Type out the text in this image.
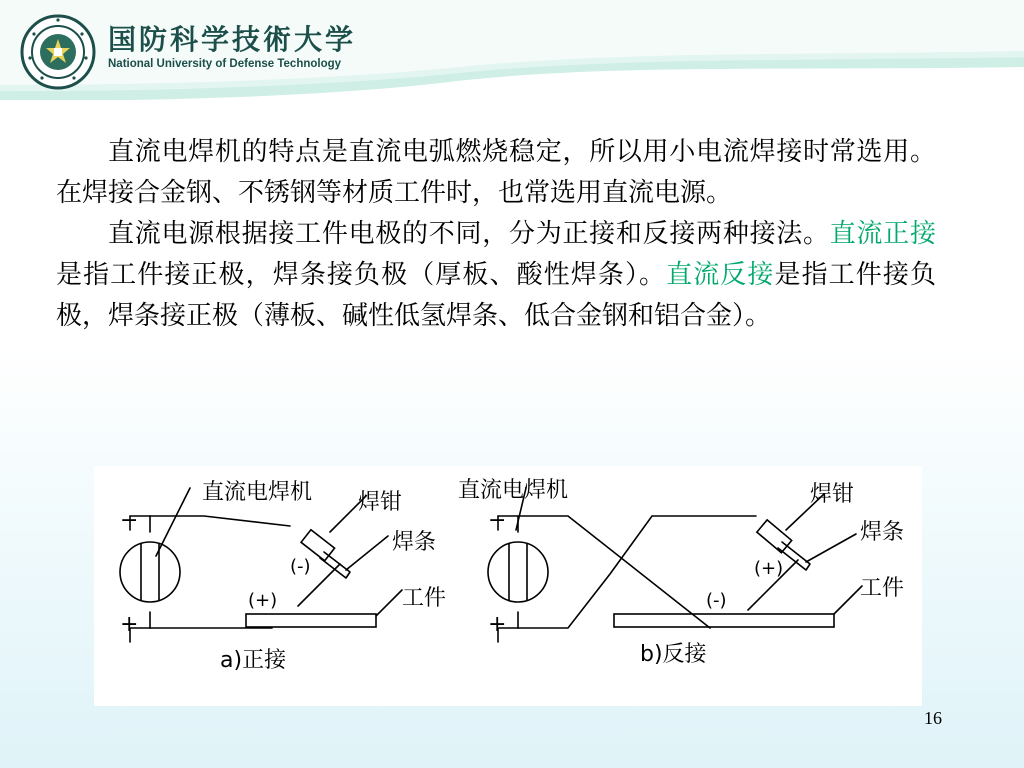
国防科学技術大学

National University of Defense Technology

直流电焊机的特点是直流电弧燃烧稳定，所以用小电流焊接时常选用。在焊接合金钢、不锈钢等材质工件时，也常选用直流电源。

直流电源根据接工件电极的不同，分为正接和反接两种接法。直流正接是指工件接正极，焊条接负极（厚板、酸性焊条）。直流反接是指工件接负极，焊条接正极（薄板、碱性低氢焊条、低合金钢和铝合金）。

直流电焊机 焊钳
焊条
工件
(-)
(+)
−
+
a)正接
直流电焊机	焊钳
焊条
工件
(+)
(-)
−
+
b)反接
16
